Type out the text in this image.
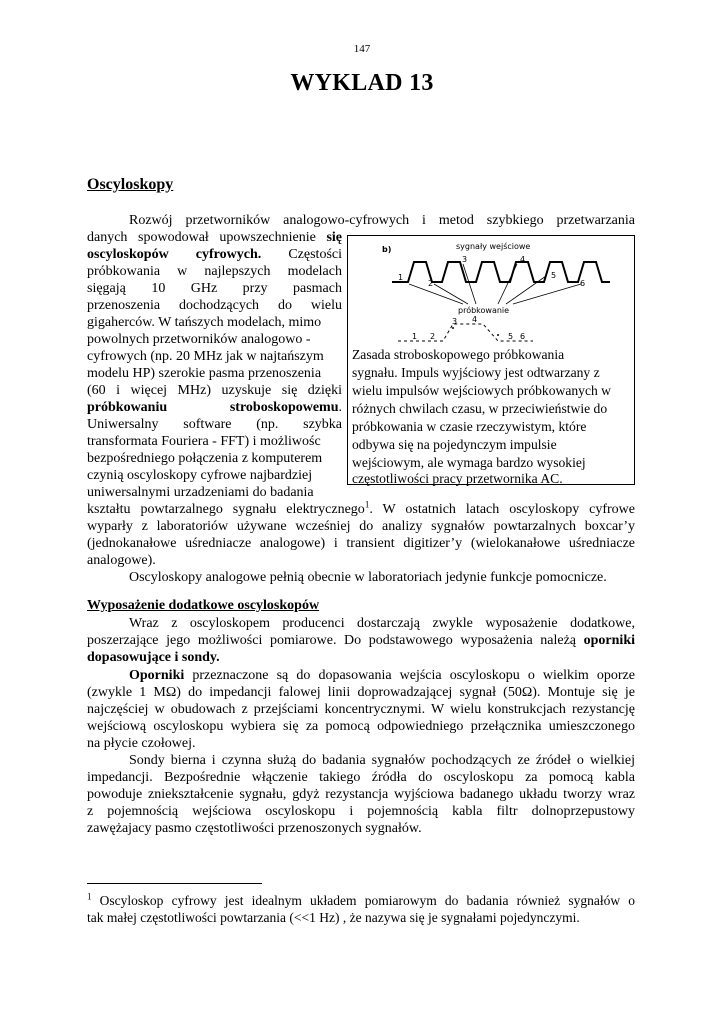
147
WYKLAD 13
Oscyloskopy
Rozwój przetworników analogowo-cyfrowych i metod szybkiego przetwarzania
danych spowodował upowszechnienie się
oscyloskopów cyfrowych. Częstości
próbkowania w najlepszych modelach
sięgają 10 GHz przy pasmach
przenoszenia dochodzących do wielu
gigaherców. W tańszych modelach, mimo
powolnych przetworników analogowo -
cyfrowych (np. 20 MHz jak w najtańszym
modelu HP) szerokie pasma przenoszenia
(60 i więcej MHz) uzyskuje się dzięki
próbkowaniu stroboskopowemu.
Uniwersalny software (np. szybka
transformata Fouriera - FFT) i możliwośc
bezpośredniego połączenia z komputerem
czynią oscyloskopy cyfrowe najbardziej
uniwersalnymi urzadzeniami do badania
kształtu powtarzalnego sygnału elektrycznego$^1$. W ostatnich latach oscyloskopy cyfrowe
wyparły z laboratoriów używane wcześniej do analizy sygnałów powtarzalnych boxcar’y
(jednokanałowe uśredniacze analogowe) i transient digitizer’y (wielokanałowe uśredniacze
analogowe).
Oscyloskopy analogowe pełnią obecnie w laboratoriach jedynie funkcje pomocnicze.
b)	sygnały wejściowe
próbkowanie
1
2
3	4
5
6
1 2
3 4
5 6
Zasada stroboskopowego próbkowania
sygnału. Impuls wyjściowy jest odtwarzany z
wielu impulsów wejściowych próbkowanych w
różnych chwilach czasu, w przeciwieństwie do
próbkowania w czasie rzeczywistym, które
odbywa się na pojedynczym impulsie
wejściowym, ale wymaga bardzo wysokiej
częstotliwości pracy przetwornika AC.
Wyposażenie dodatkowe oscyloskopów
Wraz z oscyloskopem producenci dostarczają zwykle wyposażenie dodatkowe,
poszerzające jego możliwości pomiarowe. Do podstawowego wyposażenia należą oporniki
dopasowujące i sondy.
Oporniki przeznaczone są do dopasowania wejścia oscyloskopu o wielkim oporze
(zwykle 1 MΩ) do impedancji falowej linii doprowadzającej sygnał (50Ω). Montuje się je
najczęściej w obudowach z przejściami koncentrycznymi. W wielu konstrukcjach rezystancję
wejściową oscyloskopu wybiera się za pomocą odpowiedniego przełącznika umieszczonego
na płycie czołowej.
Sondy bierna i czynna służą do badania sygnałów pochodzących ze źródeł o wielkiej
impedancji. Bezpośrednie włączenie takiego źródła do oscyloskopu za pomocą kabla
powoduje zniekształcenie sygnału, gdyż rezystancja wyjściowa badanego układu tworzy wraz
z pojemnością wejściowa oscyloskopu i pojemnością kabla filtr dolnoprzepustowy
zawężajacy pasmo częstotliwości przenoszonych sygnałów.
$^1$ Oscyloskop cyfrowy jest idealnym układem pomiarowym do badania również sygnałów o
tak małej częstotliwości powtarzania (<<1 Hz) , że nazywa się je sygnałami pojedynczymi.
